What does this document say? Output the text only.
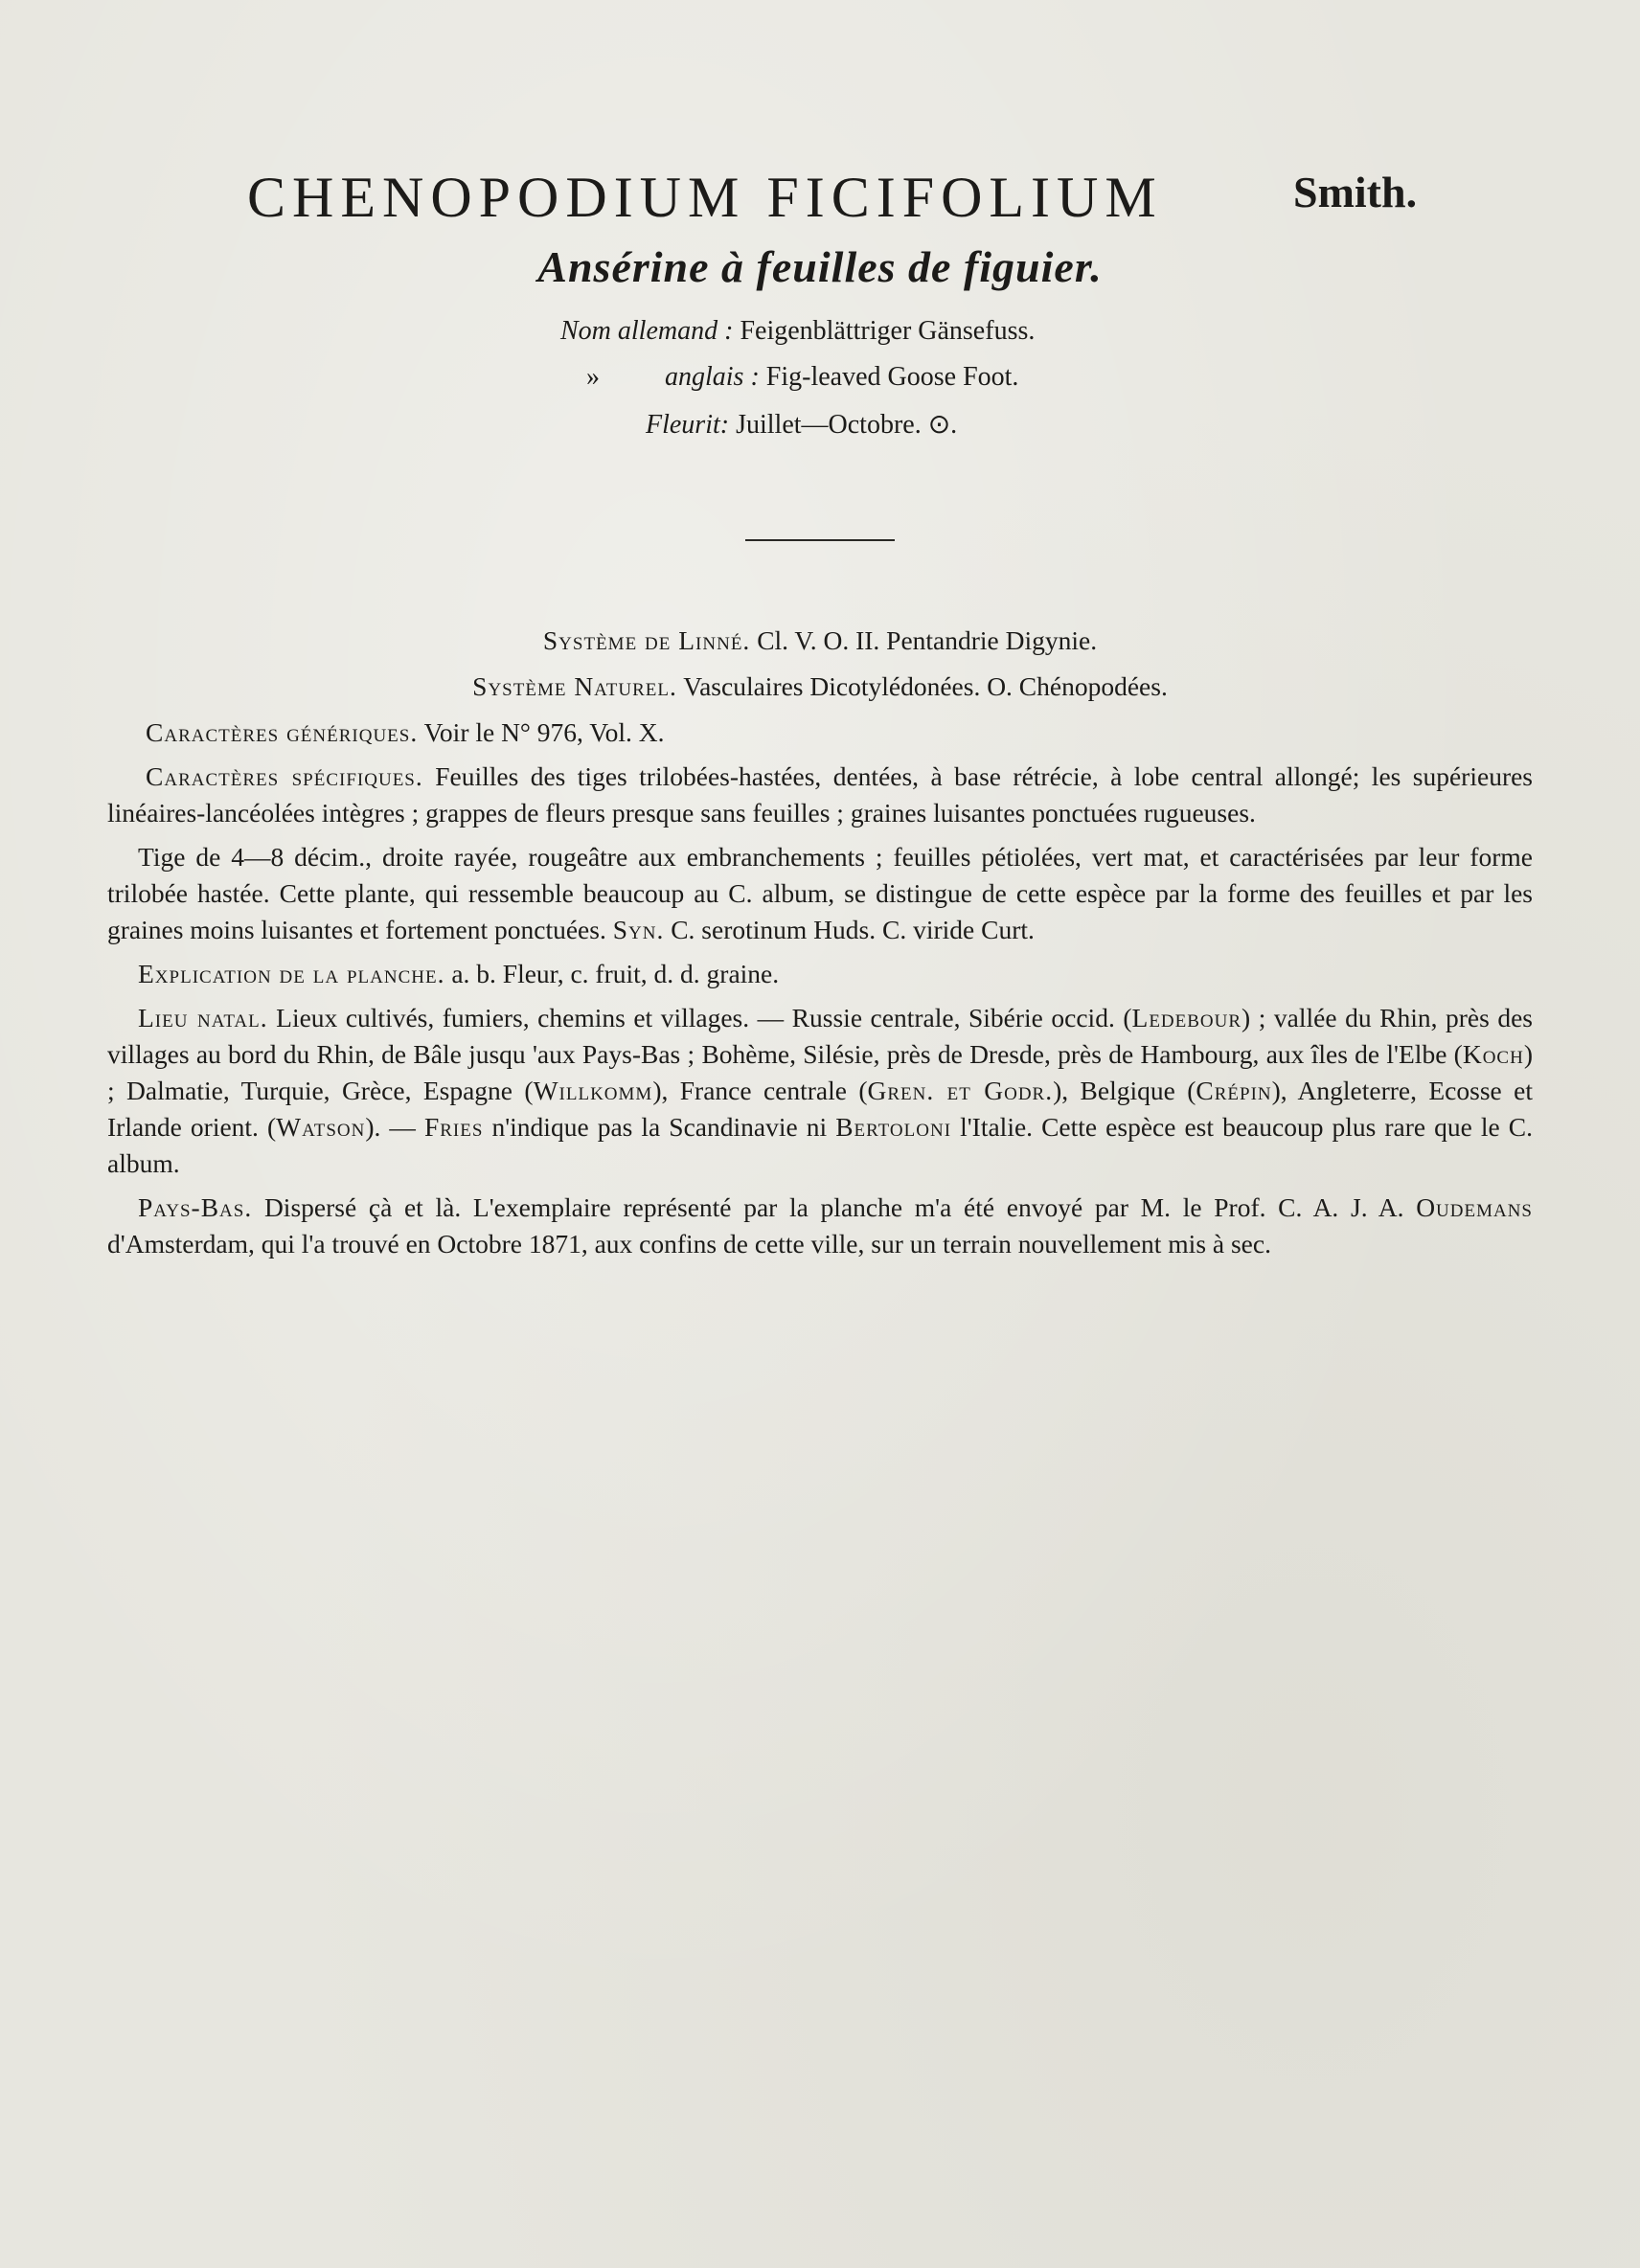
CHENOPODIUM FICIFOLIUM	Smith.
Ansérine à feuilles de figuier.
Nom allemand : Feigenblättriger Gänsefuss.
» anglais : Fig-leaved Goose Foot.
Fleurit: Juillet—Octobre. ⊙.

Système de Linné. Cl. V. O. II. Pentandrie Digynie.

Système Naturel. Vasculaires Dicotylédonées. O. Chénopodées.

Caractères génériques. Voir le N° 976, Vol. X.

Caractères spécifiques. Feuilles des tiges trilobées-hastées, dentées, à base rétrécie, à lobe central allongé; les supérieures linéaires-lancéolées intègres ; grappes de fleurs presque sans feuilles ; graines luisantes ponctuées rugueuses.

Tige de 4—8 décim., droite rayée, rougeâtre aux embranchements ; feuilles pétiolées, vert mat, et caractérisées par leur forme trilobée hastée. Cette plante, qui ressemble beaucoup au C. album, se distingue de cette espèce par la forme des feuilles et par les graines moins luisantes et fortement ponctuées. Syn. C. serotinum Huds. C. viride Curt.

Explication de la planche. a. b. Fleur, c. fruit, d. d. graine.

Lieu natal. Lieux cultivés, fumiers, chemins et villages. — Russie centrale, Sibérie occid. (Ledebour) ; vallée du Rhin, près des villages au bord du Rhin, de Bâle jusqu 'aux Pays-Bas ; Bohème, Silésie, près de Dresde, près de Hambourg, aux îles de l'Elbe (Koch) ; Dalmatie, Turquie, Grèce, Espagne (Willkomm), France centrale (Gren. et Godr.), Belgique (Crépin), Angleterre, Ecosse et Irlande orient. (Watson). — Fries n'indique pas la Scandinavie ni Bertoloni l'Italie. Cette espèce est beaucoup plus rare que le C. album.

Pays-Bas. Dispersé çà et là. L'exemplaire représenté par la planche m'a été envoyé par M. le Prof. C. A. J. A. Oudemans d'Amsterdam, qui l'a trouvé en Octobre 1871, aux confins de cette ville, sur un terrain nouvellement mis à sec.
